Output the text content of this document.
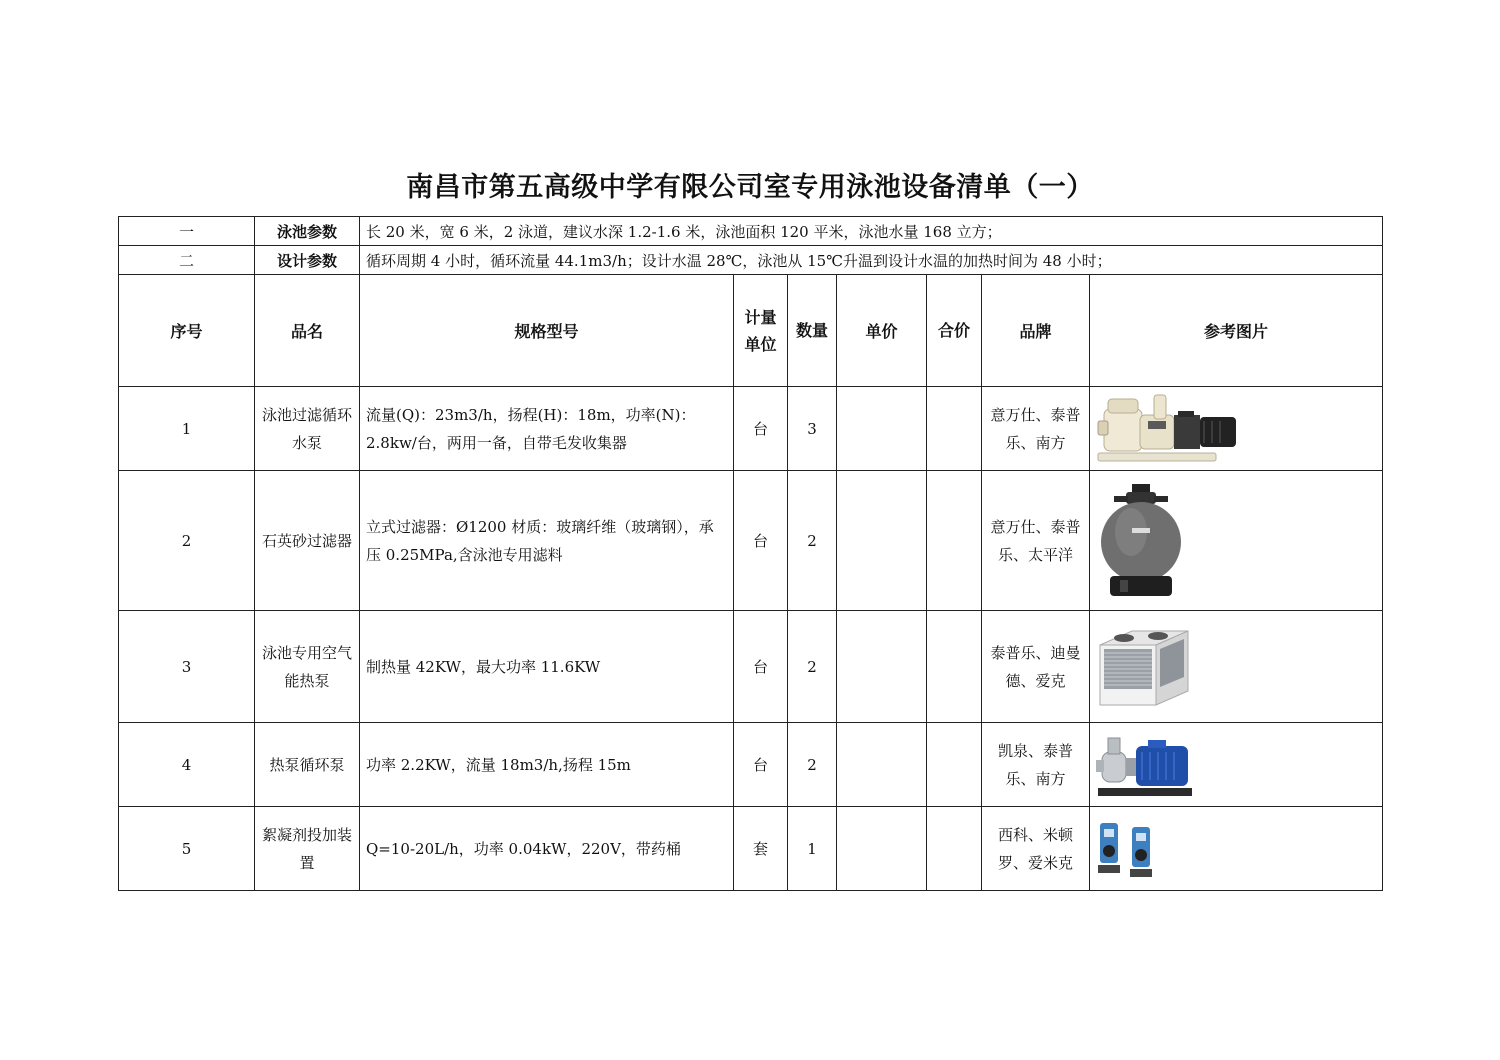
南昌市第五高级中学有限公司室专用泳池设备清单（一）
一	泳池参数	长 20 米，宽 6 米，2 泳道，建议水深 1.2-1.6 米，泳池面积 120 平米，泳池水量 168 立方；						
二	设计参数	循环周期 4 小时，循环流量 44.1m3/h；设计水温 28℃，泳池从 15℃升温到设计水温的加热时间为 48 小时；						
序号	品名	规格型号	计量单位	数量	单价	合价	品牌	参考图片
1	泳池过滤循环水泵	流量(Q)：23m3/h，扬程(H)：18m，功率(N)：2.8kw/台，两用一备，自带毛发收集器	台	3			意万仕、泰普乐、南方	

2	石英砂过滤器	立式过滤器：Ø1200 材质：玻璃纤维（玻璃钢），承压 0.25MPa,含泳池专用滤料	台	2			意万仕、泰普乐、太平洋	

3	泳池专用空气能热泵	制热量 42KW，最大功率 11.6KW	台	2			泰普乐、迪曼德、爱克	

4	热泵循环泵	功率 2.2KW，流量 18m3/h,扬程 15m	台	2			凯泉、泰普乐、南方	

5	絮凝剂投加装置	Q=10-20L/h，功率 0.04kW，220V，带药桶	套	1			西科、米顿罗、爱米克	
